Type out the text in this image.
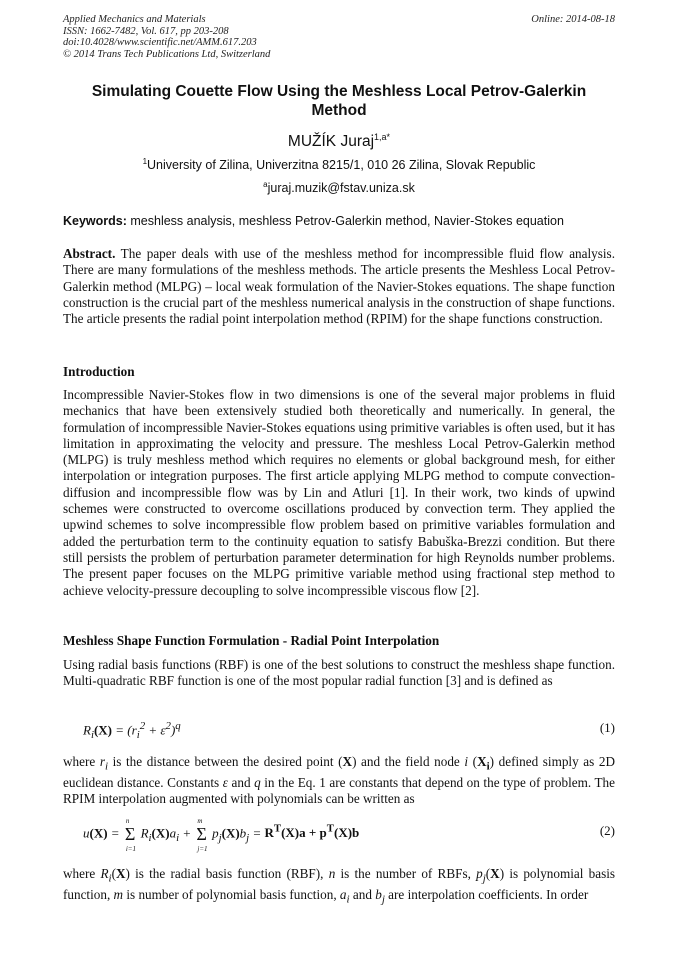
Applied Mechanics and Materials
ISSN: 1662-7482, Vol. 617, pp 203-208
doi:10.4028/www.scientific.net/AMM.617.203
© 2014 Trans Tech Publications Ltd, Switzerland
Online: 2014-08-18
Simulating Couette Flow Using the Meshless Local Petrov-Galerkin
Method
MUŽÍK Juraj$^{1,a*}$
$^1$University of Zilina, Univerzitna 8215/1, 010 26 Zilina, Slovak Republic
$^a$juraj.muzik@fstav.uniza.sk
Keywords: meshless analysis, meshless Petrov-Galerkin method, Navier-Stokes equation
Abstract. The paper deals with use of the meshless method for incompressible fluid flow analysis. There are many formulations of the meshless methods. The article presents the Meshless Local Petrov-Galerkin method (MLPG) – local weak formulation of the Navier-Stokes equations. The shape function construction is the crucial part of the meshless numerical analysis in the construction of shape functions. The article presents the radial point interpolation method (RPIM) for the shape functions construction.
Introduction
Incompressible Navier-Stokes flow in two dimensions is one of the several major problems in fluid mechanics that have been extensively studied both theoretically and numerically. In general, the formulation of incompressible Navier-Stokes equations using primitive variables is often used, but it has limitation in approximating the velocity and pressure. The meshless Local Petrov-Galerkin method (MLPG) is truly meshless method which requires no elements or global background mesh, for either interpolation or integration purposes. The first article applying MLPG method to compute convection-diffusion and incompressible flow was by Lin and Atluri [1]. In their work, two kinds of upwind schemes were constructed to overcome oscillations produced by convection term. They applied the upwind schemes to solve incompressible flow problem based on primitive variables formulation and added the perturbation term to the continuity equation to satisfy Babuška-Brezzi condition. But there still persists the problem of perturbation parameter determination for high Reynolds number problems. The present paper focuses on the MLPG primitive variable method using fractional step method to achieve velocity-pressure decoupling to solve incompressible viscous flow [2].
Meshless Shape Function Formulation - Radial Point Interpolation
Using radial basis functions (RBF) is one of the best solutions to construct the meshless shape function. Multi-quadratic RBF function is one of the most popular radial function [3] and is defined as
$R_i(X) = (r_i^2 + \varepsilon^2)^q$	(1)
where $r_i$ is the distance between the desired point (X) and the field node i $(X_i)$ defined simply as 2D euclidean distance. Constants ε and q in the Eq. 1 are constants that depend on the type of problem. The RPIM interpolation augmented with polynomials can be written as
u(X) =
n
Σ
i=1
$R_i(X)a_i$ +
m
Σ
j=1
$p_j(X)b_j = R^T(X)a + p^T(X)b$	(2)
where $R_i(X)$ is the radial basis function (RBF), n is the number of RBFs, $p_j(X)$ is polynomial basis function, m is number of polynomial basis function, $a_i$ and $b_j$ are interpolation coefficients. In order
